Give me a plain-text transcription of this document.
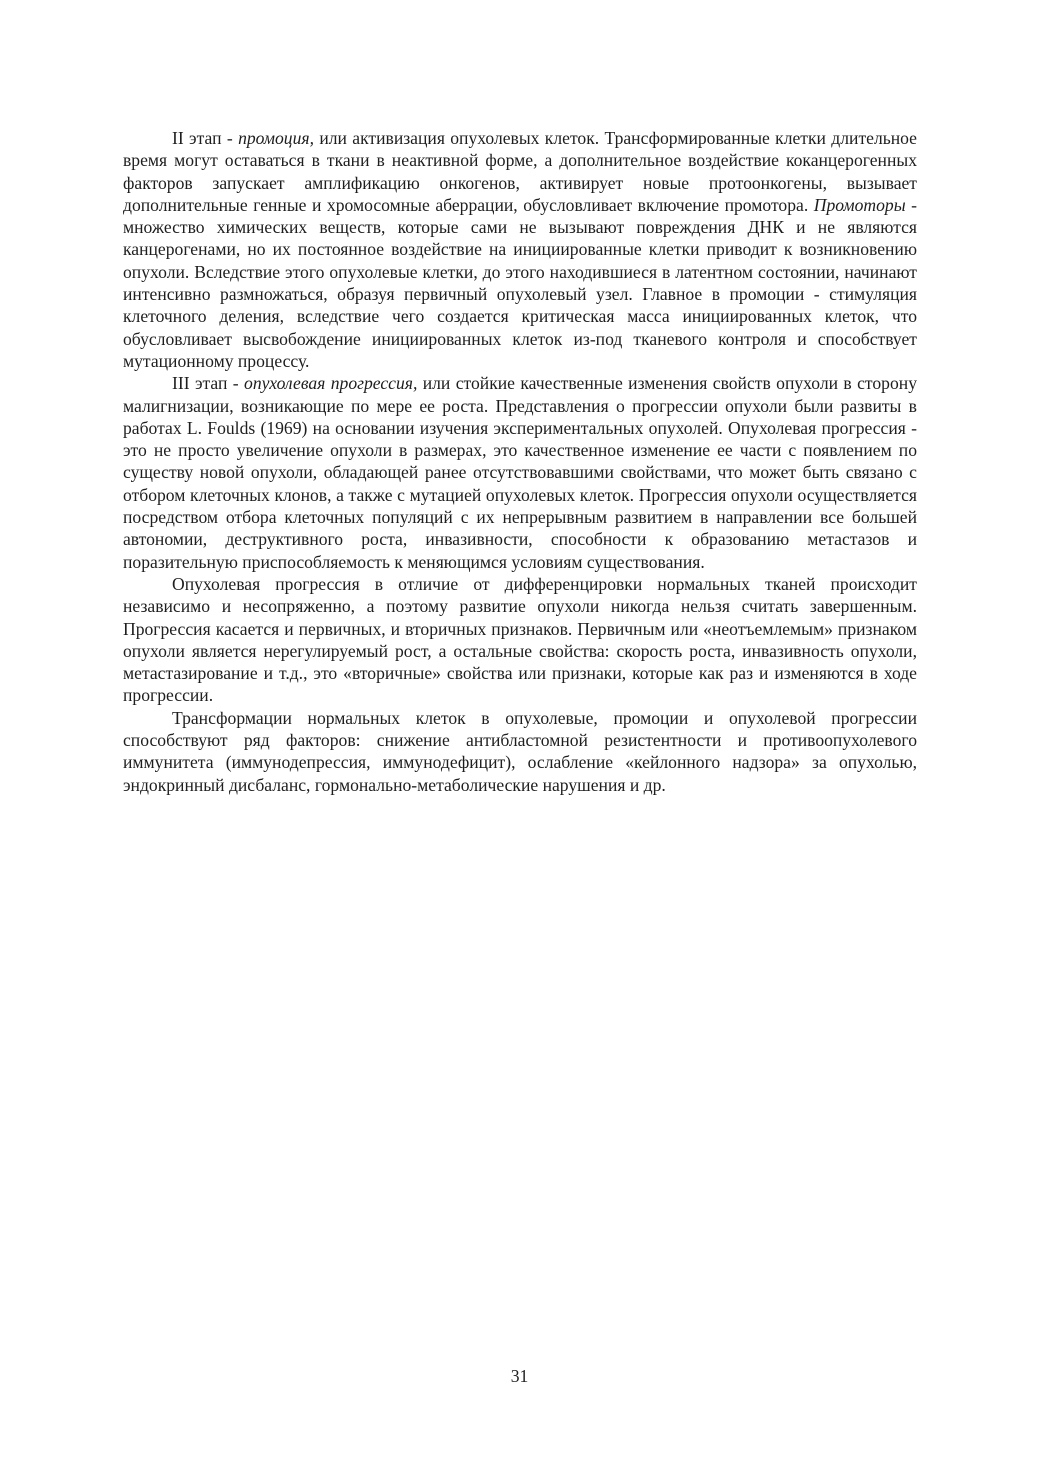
II этап - промоция, или активизация опухолевых клеток. Трансформированные клетки длительное время могут оставаться в ткани в неактивной форме, а дополнительное воздействие коканцерогенных факторов запускает амплификацию онкогенов, активирует новые протоонкогены, вызывает дополнительные генные и хромосомные аберрации, обусловливает включение промотора. Промоторы - множество химических веществ, которые сами не вызывают повреждения ДНК и не являются канцерогенами, но их постоянное воздействие на инициированные клетки приводит к возникновению опухоли. Вследствие этого опухолевые клетки, до этого находившиеся в латентном состоянии, начинают интенсивно размножаться, образуя первичный опухолевый узел. Главное в промоции - стимуляция клеточного деления, вследствие чего создается критическая масса инициированных клеток, что обусловливает высвобождение инициированных клеток из-под тканевого контроля и способствует мутационному процессу.

III этап - опухолевая прогрессия, или стойкие качественные изменения свойств опухоли в сторону малигнизации, возникающие по мере ее роста. Представления о прогрессии опухоли были развиты в работах L. Foulds (1969) на основании изучения экспериментальных опухолей. Опухолевая прогрессия - это не просто увеличение опухоли в размерах, это качественное изменение ее части с появлением по существу новой опухоли, обладающей ранее отсутствовавшими свойствами, что может быть связано с отбором клеточных клонов, а также с мутацией опухолевых клеток. Прогрессия опухоли осуществляется посредством отбора клеточных популяций с их непрерывным развитием в направлении все большей автономии, деструктивного роста, инвазивности, способности к образованию метастазов и поразительную приспособляемость к меняющимся условиям существования.

Опухолевая прогрессия в отличие от дифференцировки нормальных тканей происходит независимо и несопряженно, а поэтому развитие опухоли никогда нельзя считать завершенным. Прогрессия касается и первичных, и вторичных признаков. Первичным или «неотъемлемым» признаком опухоли является нерегулируемый рост, а остальные свойства: скорость роста, инвазивность опухоли, метастазирование и т.д., это «вторичные» свойства или признаки, которые как раз и изменяются в ходе прогрессии.

Трансформации нормальных клеток в опухолевые, промоции и опухолевой прогрессии способствуют ряд факторов: снижение антибластомной резистентности и противоопухолевого иммунитета (иммунодепрессия, иммунодефицит), ослабление «кейлонного надзора» за опухолью, эндокринный дисбаланс, гормонально-метаболические нарушения и др.

31
